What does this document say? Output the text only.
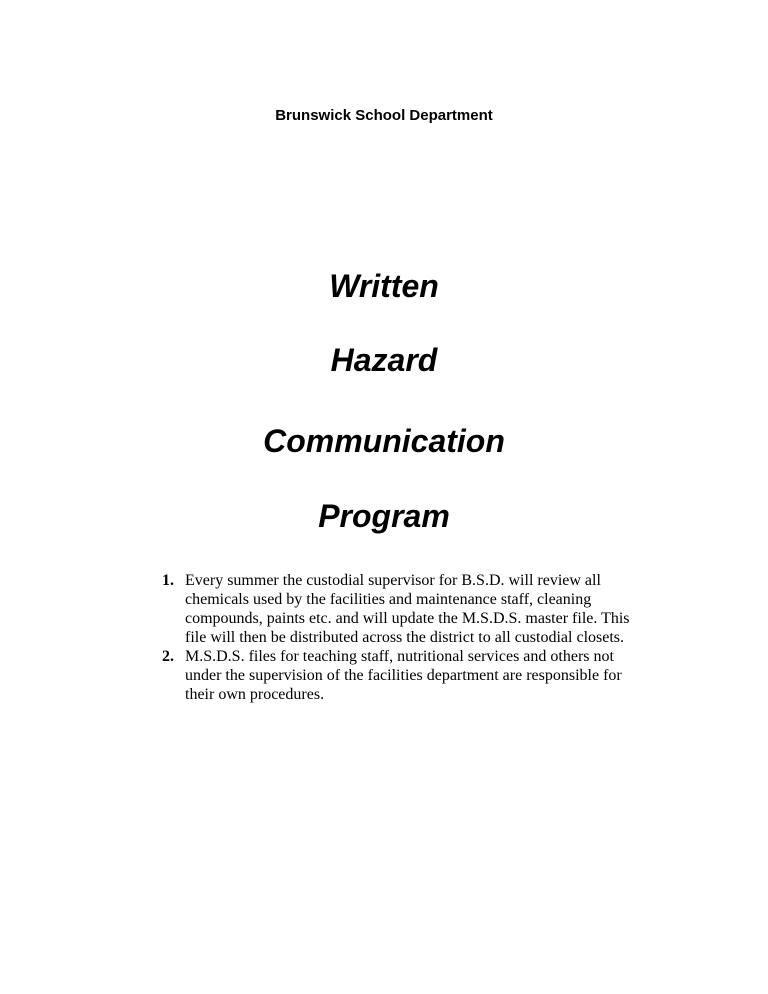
Brunswick School Department
Written
Hazard
Communication
Program
1. Every summer the custodial supervisor for B.S.D. will review all chemicals used by the facilities and maintenance staff, cleaning compounds, paints etc. and will update the M.S.D.S. master file. This file will then be distributed across the district to all custodial closets.
2. M.S.D.S. files for teaching staff, nutritional services and others not under the supervision of the facilities department are responsible for their own procedures.
